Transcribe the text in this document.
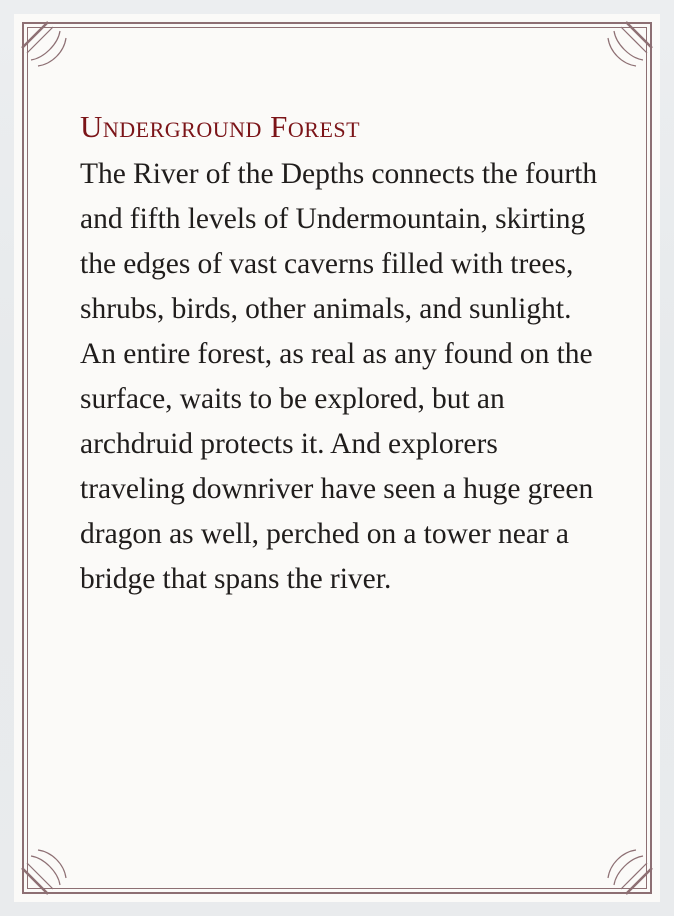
Underground Forest

The River of the Depths connects the fourth and fifth levels of Undermountain, skirting the edges of vast caverns filled with trees, shrubs, birds, other animals, and sunlight. An entire forest, as real as any found on the surface, waits to be explored, but an archdruid protects it. And explorers traveling downriver have seen a huge green dragon as well, perched on a tower near a bridge that spans the river.
